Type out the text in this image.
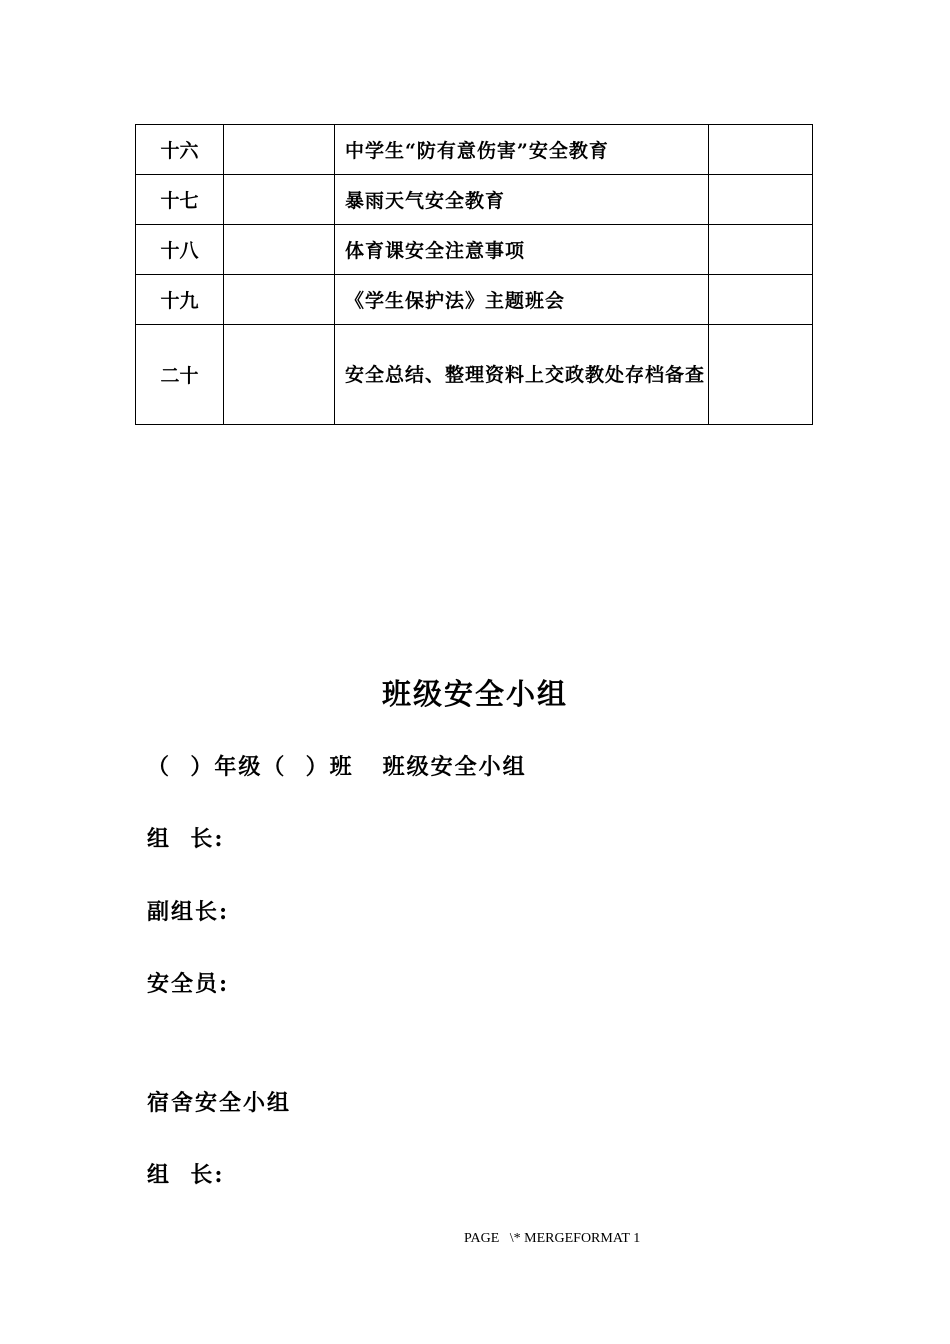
十六		中学生“防有意伤害”安全教育	
十七		暴雨天气安全教育	
十八		体育课安全注意事项	
十九		《学生保护法》主题班会	
二十		安全总结、整理资料上交政教处存档备查	
班级安全小组
（  ）年级（  ）班   班级安全小组
组  长:
副组长:
安全员:
宿舍安全小组
组  长:
PAGE   \* MERGEFORMAT 1
